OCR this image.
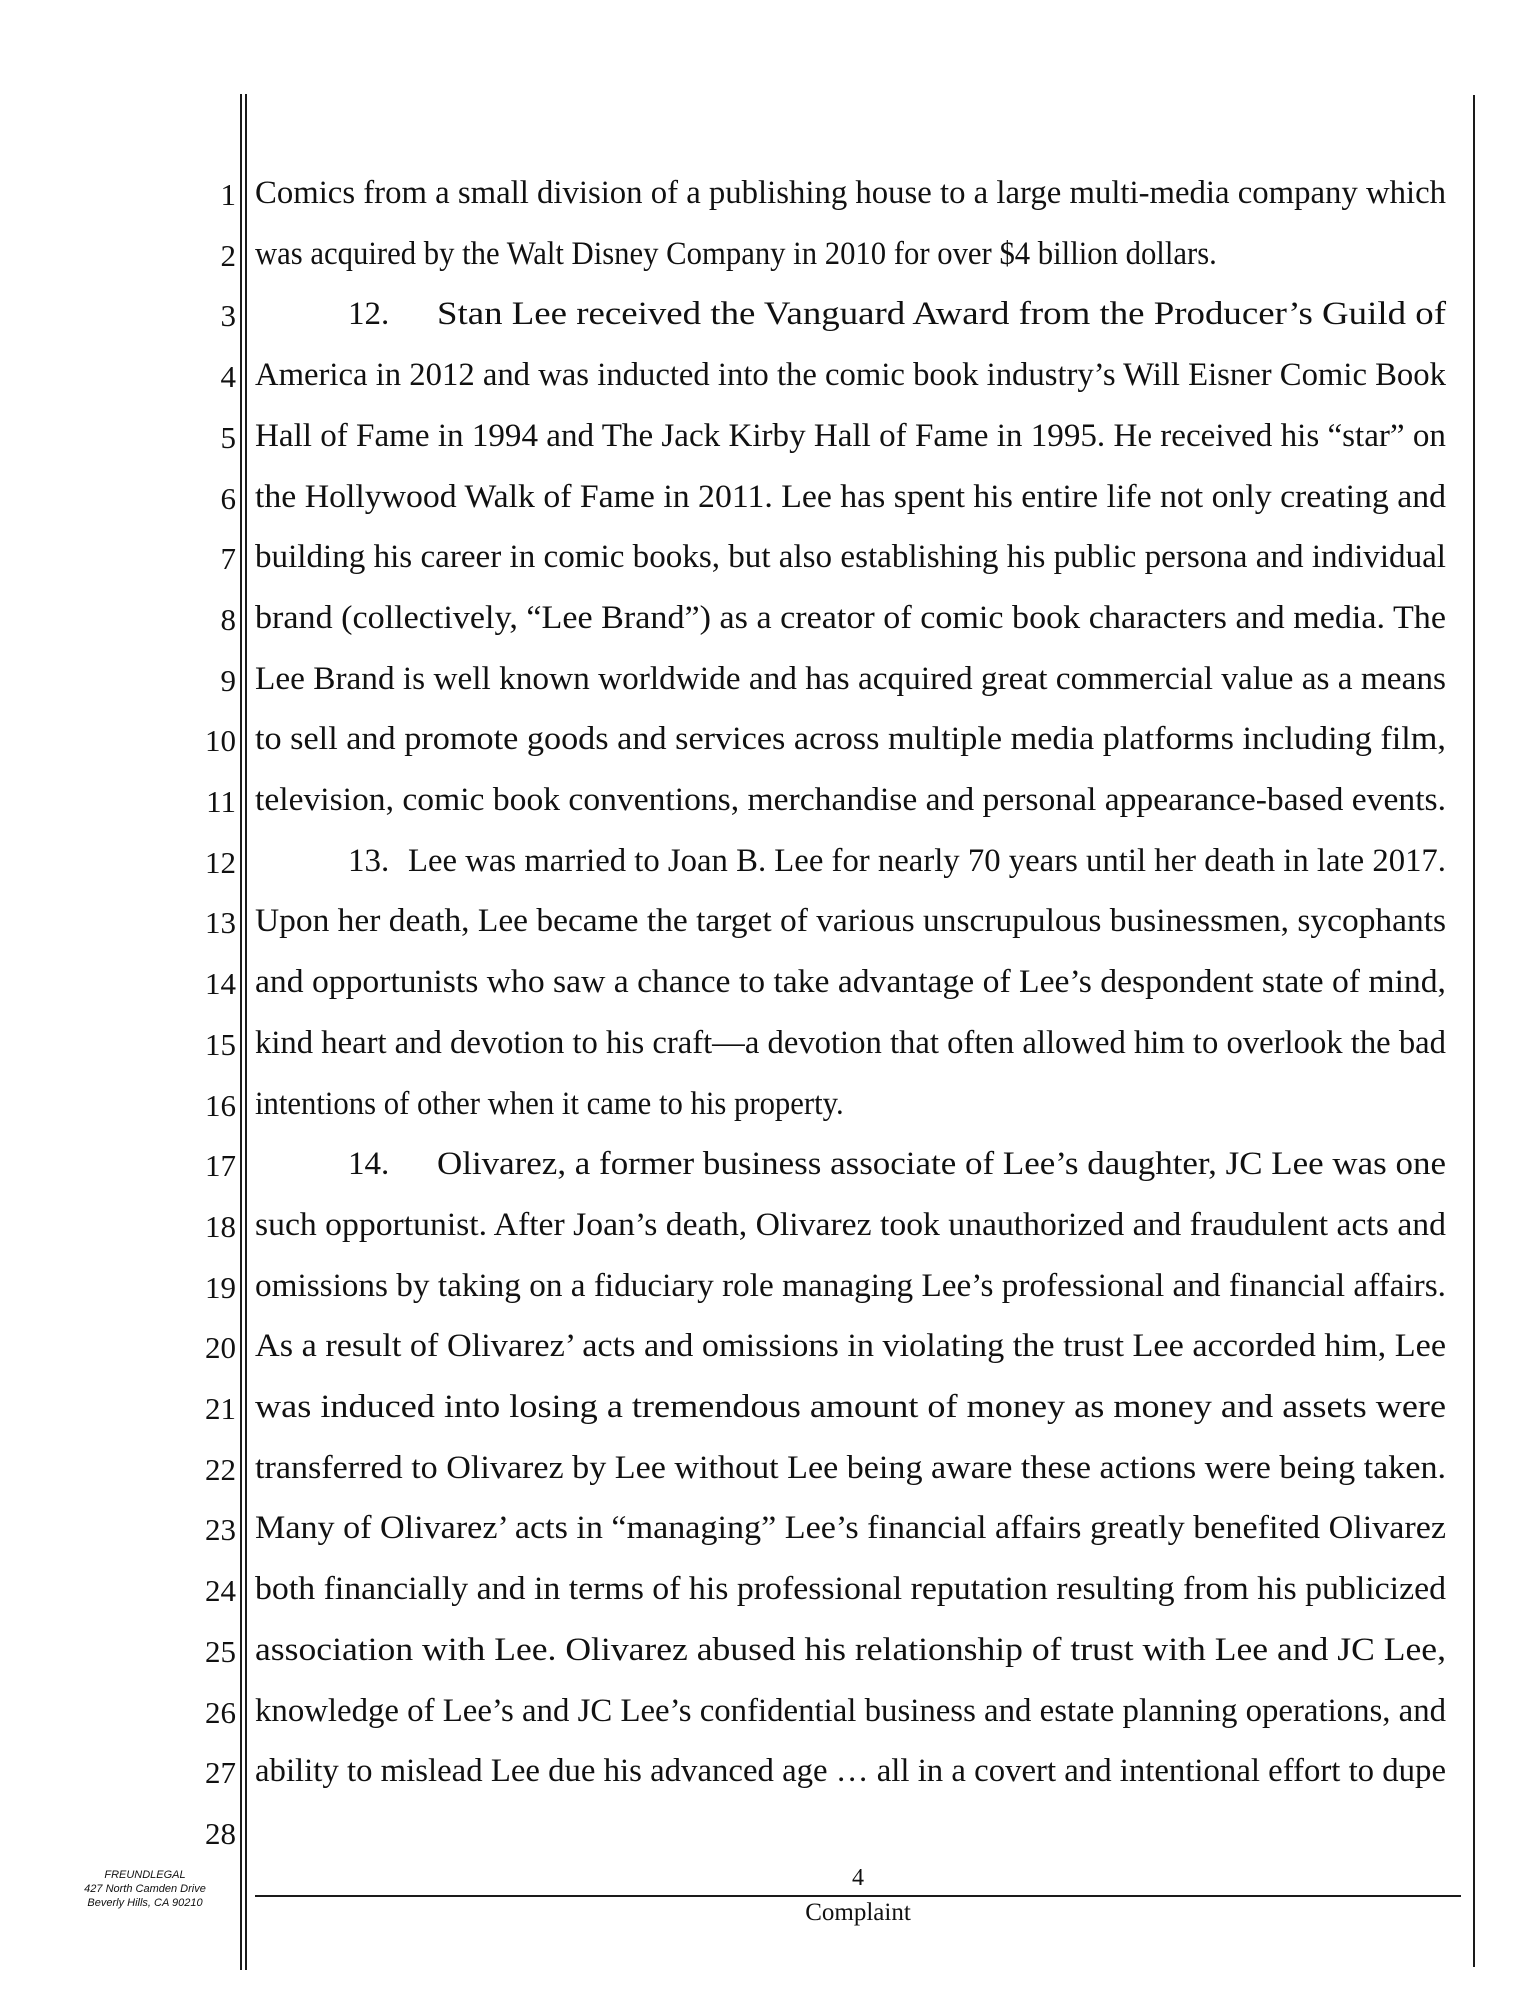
1 Comics from a small division of a publishing house to a large multi-media company which
2 was acquired by the Walt Disney Company in 2010 for over $4 billion dollars.
3	12. Stan Lee received the Vanguard Award from the Producer’s Guild of
4 America in 2012 and was inducted into the comic book industry’s Will Eisner Comic Book
5 Hall of Fame in 1994 and The Jack Kirby Hall of Fame in 1995. He received his “star” on
6 the Hollywood Walk of Fame in 2011. Lee has spent his entire life not only creating and
7 building his career in comic books, but also establishing his public persona and individual
8 brand (collectively, “Lee Brand”) as a creator of comic book characters and media. The
9 Lee Brand is well known worldwide and has acquired great commercial value as a means
10 to sell and promote goods and services across multiple media platforms including film,
11 television, comic book conventions, merchandise and personal appearance-based events.
12	13. Lee was married to Joan B. Lee for nearly 70 years until her death in late 2017.
13 Upon her death, Lee became the target of various unscrupulous businessmen, sycophants
14 and opportunists who saw a chance to take advantage of Lee’s despondent state of mind,
15 kind heart and devotion to his craft—a devotion that often allowed him to overlook the bad
16 intentions of other when it came to his property.
17	14. Olivarez, a former business associate of Lee’s daughter, JC Lee was one
18 such opportunist. After Joan’s death, Olivarez took unauthorized and fraudulent acts and
19 omissions by taking on a fiduciary role managing Lee’s professional and financial affairs.
20 As a result of Olivarez’ acts and omissions in violating the trust Lee accorded him, Lee
21 was induced into losing a tremendous amount of money as money and assets were
22 transferred to Olivarez by Lee without Lee being aware these actions were being taken.
23 Many of Olivarez’ acts in “managing” Lee’s financial affairs greatly benefited Olivarez
24 both financially and in terms of his professional reputation resulting from his publicized
25 association with Lee. Olivarez abused his relationship of trust with Lee and JC Lee,
26 knowledge of Lee’s and JC Lee’s confidential business and estate planning operations, and
27 ability to mislead Lee due his advanced age … all in a covert and intentional effort to dupe
28
FREUNDLEGAL
427 North Camden Drive
Beverly Hills, CA 90210
4
Complaint
